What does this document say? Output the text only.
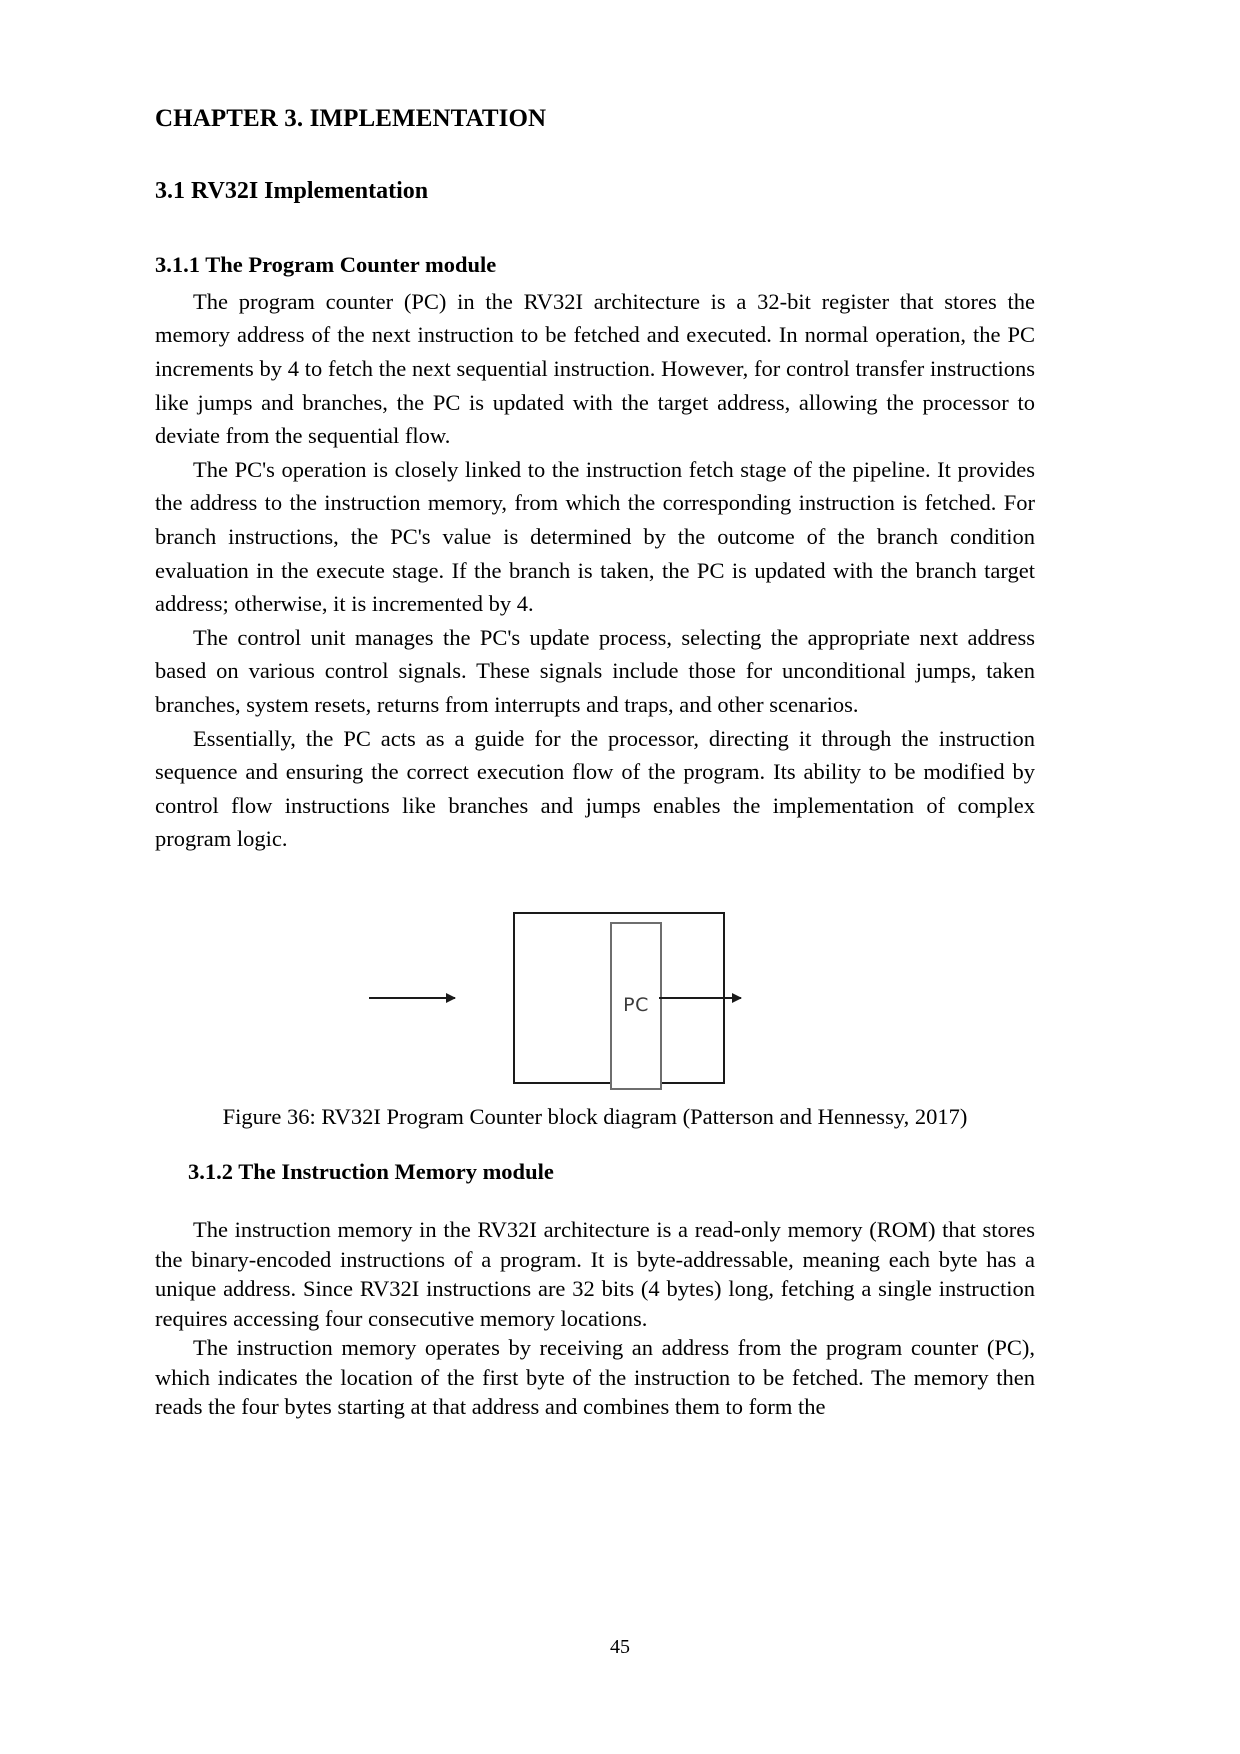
CHAPTER 3. IMPLEMENTATION
3.1 RV32I Implementation
3.1.1 The Program Counter module

The program counter (PC) in the RV32I architecture is a 32-bit register that stores the memory address of the next instruction to be fetched and executed. In normal operation, the PC increments by 4 to fetch the next sequential instruction. However, for control transfer instructions like jumps and branches, the PC is updated with the target address, allowing the processor to deviate from the sequential flow.

The PC's operation is closely linked to the instruction fetch stage of the pipeline. It provides the address to the instruction memory, from which the corresponding instruction is fetched. For branch instructions, the PC's value is determined by the outcome of the branch condition evaluation in the execute stage. If the branch is taken, the PC is updated with the branch target address; otherwise, it is incremented by 4.

The control unit manages the PC's update process, selecting the appropriate next address based on various control signals. These signals include those for unconditional jumps, taken branches, system resets, returns from interrupts and traps, and other scenarios.

Essentially, the PC acts as a guide for the processor, directing it through the instruction sequence and ensuring the correct execution flow of the program. Its ability to be modified by control flow instructions like branches and jumps enables the implementation of complex program logic.

PC

Figure 36: RV32I Program Counter block diagram (Patterson and Hennessy, 2017)

3.1.2 The Instruction Memory module

The instruction memory in the RV32I architecture is a read-only memory (ROM) that stores the binary-encoded instructions of a program. It is byte-addressable, meaning each byte has a unique address. Since RV32I instructions are 32 bits (4 bytes) long, fetching a single instruction requires accessing four consecutive memory locations.

The instruction memory operates by receiving an address from the program counter (PC), which indicates the location of the first byte of the instruction to be fetched. The memory then reads the four bytes starting at that address and combines them to form the

45
